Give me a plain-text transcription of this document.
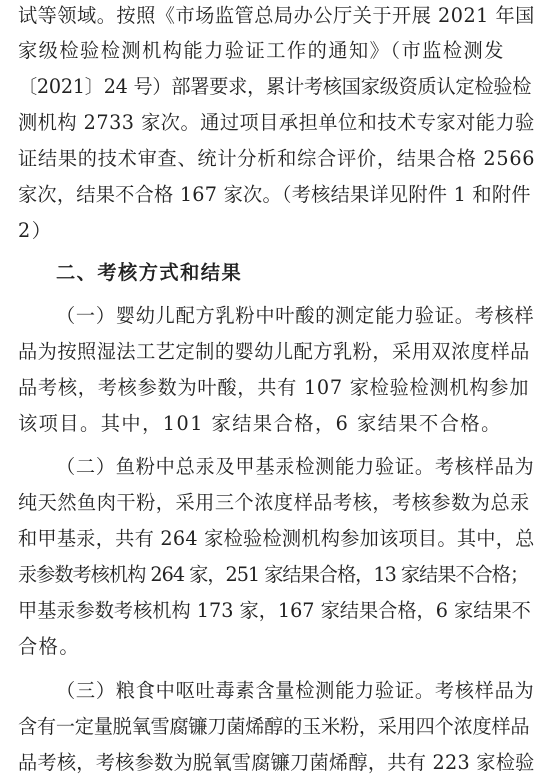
试等领域。按照《市场监管总局办公厅关于开展 2021 年国
家级检验检测机构能力验证工作的通知》（市监检测发
〔2021〕24 号）部署要求，累计考核国家级资质认定检验检
测机构 2733 家次。通过项目承担单位和技术专家对能力验
证结果的技术审查、统计分析和综合评价，结果合格 2566
家次，结果不合格 167 家次。（考核结果详见附件 1 和附件
2）
二、考核方式和结果
（一）婴幼儿配方乳粉中叶酸的测定能力验证。考核样
品为按照湿法工艺定制的婴幼儿配方乳粉，采用双浓度样品
品考核，考核参数为叶酸，共有 107 家检验检测机构参加
该项目。其中，101 家结果合格，6 家结果不合格。
（二）鱼粉中总汞及甲基汞检测能力验证。考核样品为
纯天然鱼肉干粉，采用三个浓度样品考核，考核参数为总汞
和甲基汞，共有 264 家检验检测机构参加该项目。其中，总
汞参数考核机构 264 家，251 家结果合格，13 家结果不合格；
甲基汞参数考核机构 173 家，167 家结果合格，6 家结果不
合格。
（三）粮食中呕吐毒素含量检测能力验证。考核样品为
含有一定量脱氧雪腐镰刀菌烯醇的玉米粉，采用四个浓度样品
品考核，考核参数为脱氧雪腐镰刀菌烯醇，共有 223 家检验
